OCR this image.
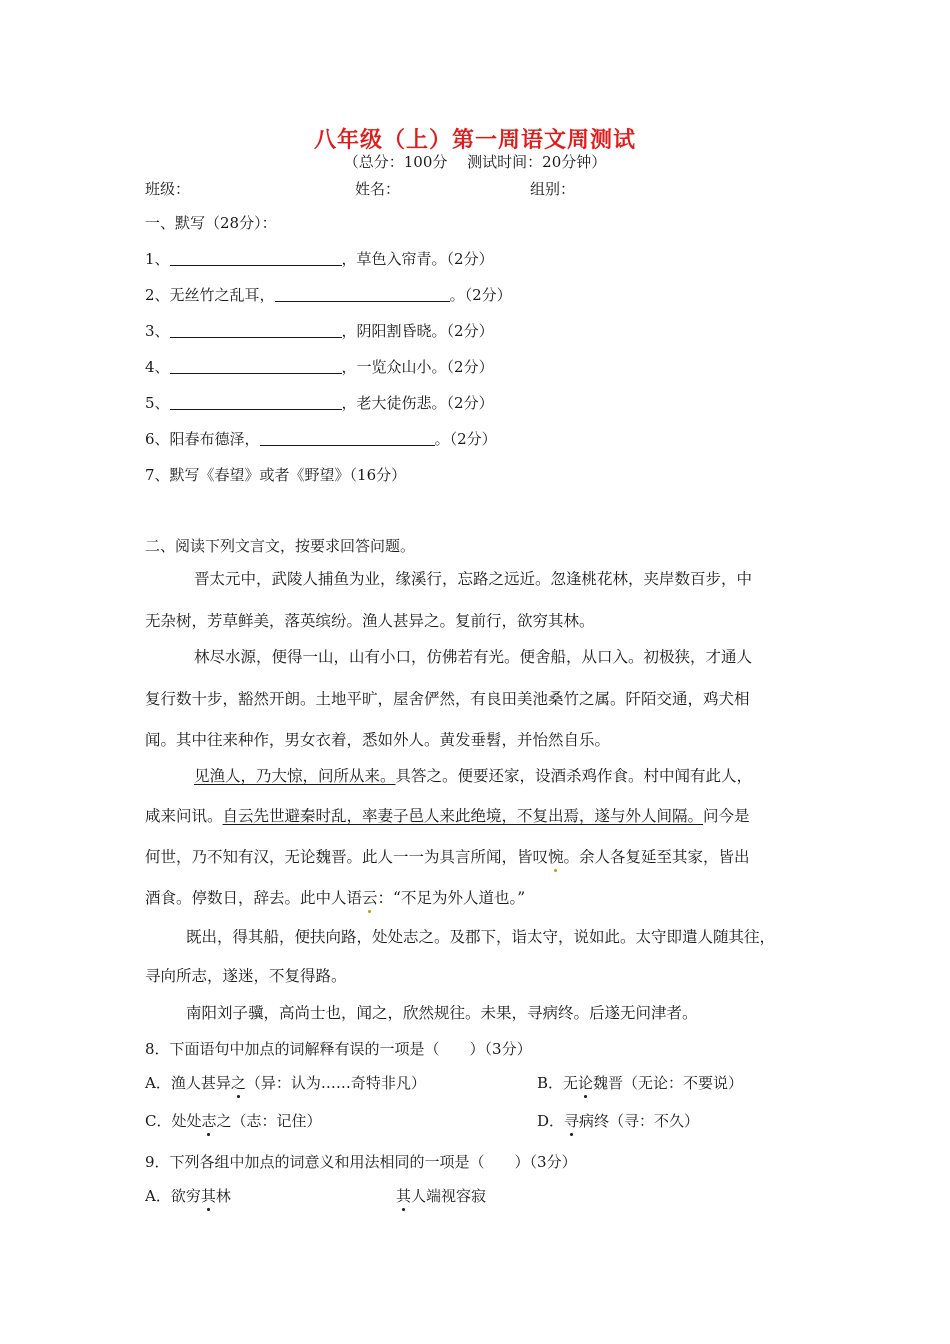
八年级（上）第一周语文周测试
（总分：100分　 测试时间：20分钟）
班级：	姓名：	组别：
一、默写（28分）：
1、	，草色入帘青。（2分）
2、无丝竹之乱耳，	。（2分）
3、	，阴阳割昏晓。（2分）
4、	，一览众山小。（2分）
5、	，老大徒伤悲。（2分）
6、阳春布德泽，	。（2分）
7、默写《春望》或者《野望》（16分）
二、阅读下列文言文，按要求回答问题。
晋太元中，武陵人捕鱼为业，缘溪行，忘路之远近。忽逢桃花林，夹岸数百步，中
无杂树，芳草鲜美，落英缤纷。渔人甚异之。复前行，欲穷其林。
林尽水源，便得一山，山有小口，仿佛若有光。便舍船，从口入。初极狭，才通人
复行数十步，豁然开朗。土地平旷，屋舍俨然，有良田美池桑竹之属。阡陌交通，鸡犬相
闻。其中往来种作，男女衣着，悉如外人。黄发垂髫，并怡然自乐。
见渔人，乃大惊，问所从来。具答之。便要还家，设酒杀鸡作食。村中闻有此人，
咸来问讯。自云先世避秦时乱，率妻子邑人来此绝境，不复出焉，遂与外人间隔。问今是
何世，乃不知有汉，无论魏晋。此人一一为具言所闻，皆叹惋。余人各复延至其家，皆出
酒食。停数日，辞去。此中人语云：“不足为外人道也。”
既出，得其船，便扶向路，处处志之。及郡下，诣太守，说如此。太守即遣人随其往，
寻向所志，遂迷，不复得路。
南阳刘子骥，高尚士也，闻之，欣然规往。未果，寻病终。后遂无问津者。
8．下面语句中加点的词解释有误的一项是（　　）（3分）
A．渔人甚异之（异：认为……奇特非凡）	B．无论魏晋（无论：不要说）
C．处处志之（志：记住）	D．寻病终（寻：不久）
9．下列各组中加点的词意义和用法相同的一项是（　　）（3分）
A．欲穷其林	其人端视容寂
